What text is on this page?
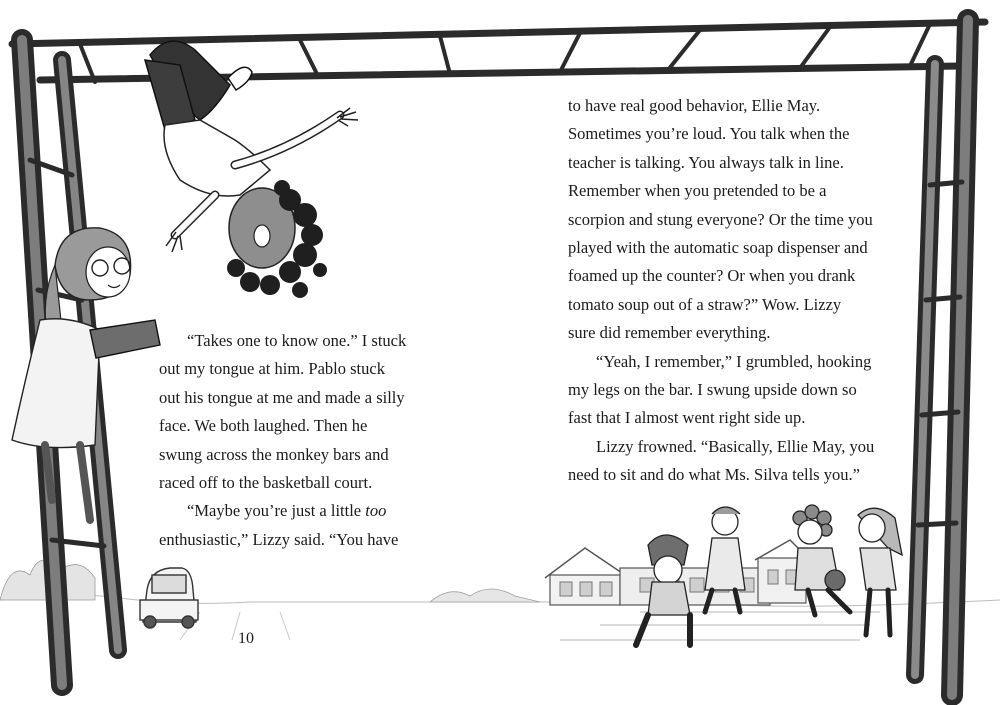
“Takes one to know one.” I stuck

out my tongue at him. Pablo stuck

out his tongue at me and made a silly

face. We both laughed. Then he

swung across the monkey bars and

raced off to the basketball court.

“Maybe you’re just a little too

enthusiastic,” Lizzy said. “You have

to have real good behavior, Ellie May.

Sometimes you’re loud. You talk when the

teacher is talking. You always talk in line.

Remember when you pretended to be a

scorpion and stung everyone? Or the time you

played with the automatic soap dispenser and

foamed up the counter? Or when you drank

tomato soup out of a straw?” Wow. Lizzy

sure did remember everything.

“Yeah, I remember,” I grumbled, hooking

my legs on the bar. I swung upside down so

fast that I almost went right side up.

Lizzy frowned. “Basically, Ellie May, you

need to sit and do what Ms. Silva tells you.”

10
